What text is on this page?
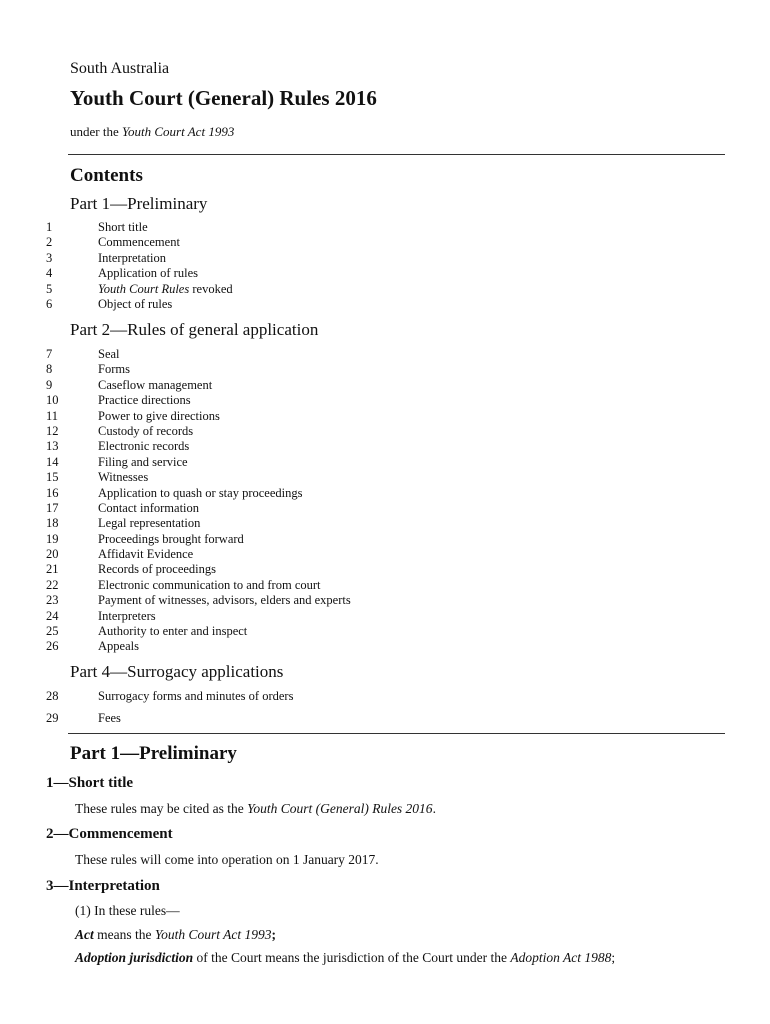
South Australia
Youth Court (General) Rules 2016
under the Youth Court Act 1993
Contents
Part 1—Preliminary
1	Short title
2	Commencement
3	Interpretation
4	Application of rules
5	Youth Court Rules revoked
6	Object of rules
Part 2—Rules of general application
7	Seal
8	Forms
9	Caseflow management
10	Practice directions
11	Power to give directions
12	Custody of records
13	Electronic records
14	Filing and service
15	Witnesses
16	Application to quash or stay proceedings
17	Contact information
18	Legal representation
19	Proceedings brought forward
20	Affidavit Evidence
21	Records of proceedings
22	Electronic communication to and from court
23	Payment of witnesses, advisors, elders and experts
24	Interpreters
25	Authority to enter and inspect
26	Appeals
Part 4—Surrogacy applications
28	Surrogacy forms and minutes of orders
29	Fees
Part 1—Preliminary
1—Short title

These rules may be cited as the Youth Court (General) Rules 2016.

2—Commencement

These rules will come into operation on 1 January 2017.

3—Interpretation

(1) In these rules—

Act means the Youth Court Act 1993;

Adoption jurisdiction of the Court means the jurisdiction of the Court under the Adoption Act 1988;
